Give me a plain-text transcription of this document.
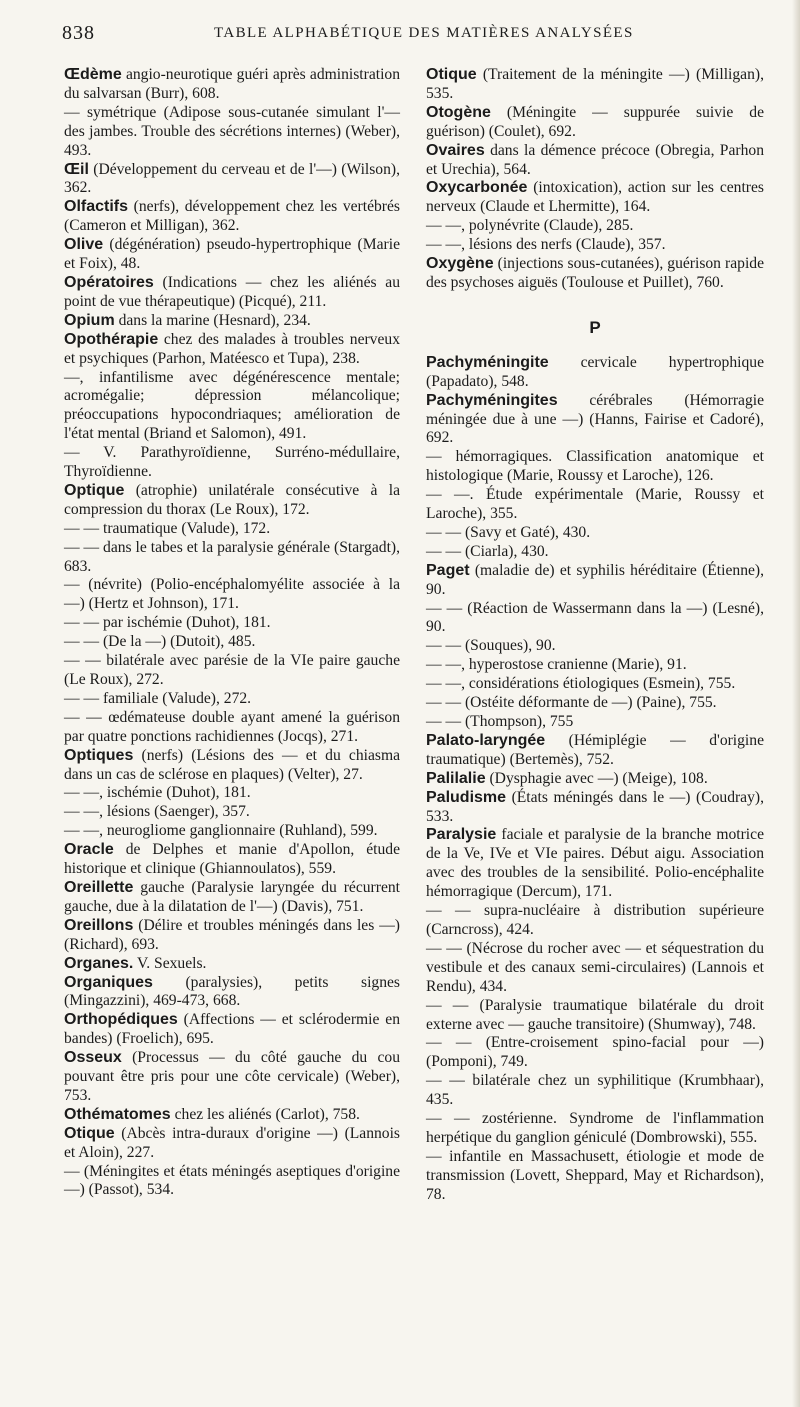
838	TABLE ALPHABÉTIQUE DES MATIÈRES ANALYSÉES

Œdème angio-neurotique guéri après administration du salvarsan (Burr), 608.

— symétrique (Adipose sous-cutanée simulant l'— des jambes. Trouble des sécrétions internes) (Weber), 493.

Œil (Développement du cerveau et de l'—) (Wilson), 362.

Olfactifs (nerfs), développement chez les vertébrés (Cameron et Milligan), 362.

Olive (dégénération) pseudo-hypertrophique (Marie et Foix), 48.

Opératoires (Indications — chez les aliénés au point de vue thérapeutique) (Picqué), 211.

Opium dans la marine (Hesnard), 234.

Opothérapie chez des malades à troubles nerveux et psychiques (Parhon, Matéesco et Tupa), 238.

—, infantilisme avec dégénérescence mentale; acromégalie; dépression mélancolique; préoccupations hypocondriaques; amélioration de l'état mental (Briand et Salomon), 491.

— V. Parathyroïdienne, Surréno-médullaire, Thyroïdienne.

Optique (atrophie) unilatérale consécutive à la compression du thorax (Le Roux), 172.

— — traumatique (Valude), 172.

— — dans le tabes et la paralysie générale (Stargadt), 683.

— (névrite) (Polio-encéphalomyélite associée à la —) (Hertz et Johnson), 171.

— — par ischémie (Duhot), 181.

— — (De la —) (Dutoit), 485.

— — bilatérale avec parésie de la VIe paire gauche (Le Roux), 272.

— — familiale (Valude), 272.

— — œdémateuse double ayant amené la guérison par quatre ponctions rachidiennes (Jocqs), 271.

Optiques (nerfs) (Lésions des — et du chiasma dans un cas de sclérose en plaques) (Velter), 27.

— —, ischémie (Duhot), 181.

— —, lésions (Saenger), 357.

— —, neurogliome ganglionnaire (Ruhland), 599.

Oracle de Delphes et manie d'Apollon, étude historique et clinique (Ghiannoulatos), 559.

Oreillette gauche (Paralysie laryngée du récurrent gauche, due à la dilatation de l'—) (Davis), 751.

Oreillons (Délire et troubles méningés dans les —) (Richard), 693.

Organes. V. Sexuels.

Organiques (paralysies), petits signes (Mingazzini), 469-473, 668.

Orthopédiques (Affections — et sclérodermie en bandes) (Froelich), 695.

Osseux (Processus — du côté gauche du cou pouvant être pris pour une côte cervicale) (Weber), 753.

Othématomes chez les aliénés (Carlot), 758.

Otique (Abcès intra-duraux d'origine —) (Lannois et Aloin), 227.

— (Méningites et états méningés aseptiques d'origine —) (Passot), 534.

Otique (Traitement de la méningite —) (Milligan), 535.

Otogène (Méningite — suppurée suivie de guérison) (Coulet), 692.

Ovaires dans la démence précoce (Obregia, Parhon et Urechia), 564.

Oxycarbonée (intoxication), action sur les centres nerveux (Claude et Lhermitte), 164.

— —, polynévrite (Claude), 285.

— —, lésions des nerfs (Claude), 357.

Oxygène (injections sous-cutanées), guérison rapide des psychoses aiguës (Toulouse et Puillet), 760.

P

Pachyméningite cervicale hypertrophique (Papadato), 548.

Pachyméningites cérébrales (Hémorragie méningée due à une —) (Hanns, Fairise et Cadoré), 692.

— hémorragiques. Classification anatomique et histologique (Marie, Roussy et Laroche), 126.

— —. Étude expérimentale (Marie, Roussy et Laroche), 355.

— — (Savy et Gaté), 430.

— — (Ciarla), 430.

Paget (maladie de) et syphilis héréditaire (Étienne), 90.

— — (Réaction de Wassermann dans la —) (Lesné), 90.

— — (Souques), 90.

— —, hyperostose cranienne (Marie), 91.

— —, considérations étiologiques (Esmein), 755.

— — (Ostéite déformante de —) (Paine), 755.

— — (Thompson), 755

Palato-laryngée (Hémiplégie — d'origine traumatique) (Bertemès), 752.

Palilalie (Dysphagie avec —) (Meige), 108.

Paludisme (États méningés dans le —) (Coudray), 533.

Paralysie faciale et paralysie de la branche motrice de la Ve, IVe et VIe paires. Début aigu. Association avec des troubles de la sensibilité. Polio-encéphalite hémorragique (Dercum), 171.

— — supra-nucléaire à distribution supérieure (Carncross), 424.

— — (Nécrose du rocher avec — et séquestration du vestibule et des canaux semi-circulaires) (Lannois et Rendu), 434.

— — (Paralysie traumatique bilatérale du droit externe avec — gauche transitoire) (Shumway), 748.

— — (Entre-croisement spino-facial pour —) (Pomponi), 749.

— — bilatérale chez un syphilitique (Krumbhaar), 435.

— — zostérienne. Syndrome de l'inflammation herpétique du ganglion géniculé (Dombrowski), 555.

— infantile en Massachusett, étiologie et mode de transmission (Lovett, Sheppard, May et Richardson), 78.
